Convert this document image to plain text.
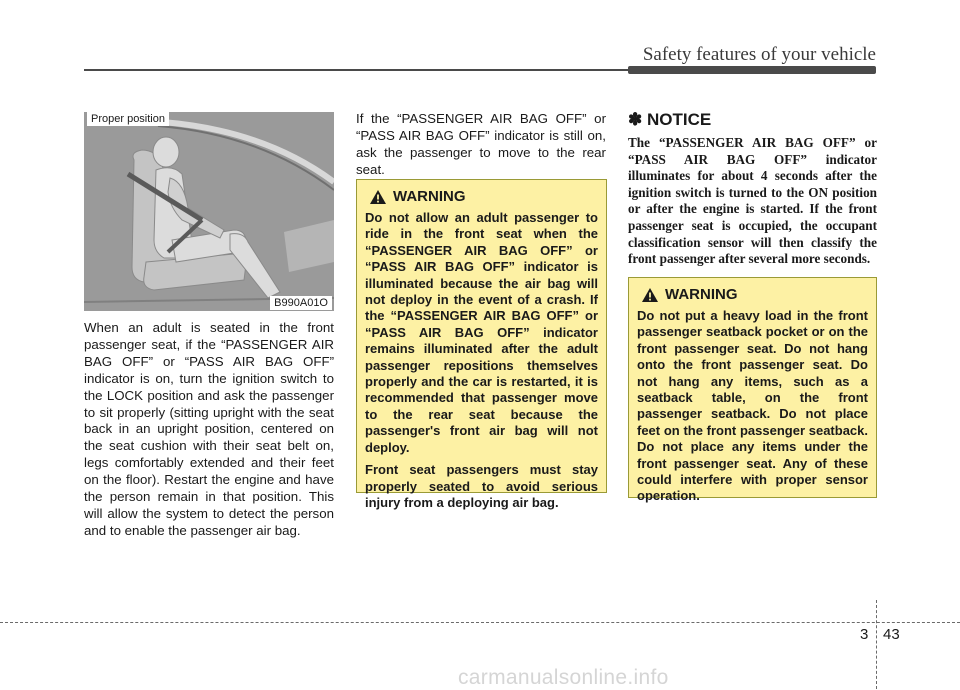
Safety features of your vehicle
Proper position
B990A01O

When an adult is seated in the front passenger seat, if the “PASSENGER AIR BAG OFF” or “PASS AIR BAG OFF” indicator is on, turn the ignition switch to the LOCK position and ask the passenger to sit properly (sitting upright with the seat back in an upright position, centered on the seat cushion with their seat belt on, legs comfortably extended and their feet on the floor). Restart the engine and have the person remain in that position. This will allow the system to detect the person and to enable the passenger air bag.

If the “PASSENGER AIR BAG OFF” or “PASS AIR BAG OFF” indicator is still on, ask the passenger to move to the rear seat.

WARNING

Do not allow an adult passenger to ride in the front seat when the “PASSENGER AIR BAG OFF” or “PASS AIR BAG OFF” indicator is illuminated because the air bag will not deploy in the event of a crash. If the “PASSENGER AIR BAG OFF” or “PASS AIR BAG OFF” indicator remains illuminated after the adult passenger repositions themselves properly and the car is restarted, it is recommended that passenger move to the rear seat because the passenger's front air bag will not deploy.

Front seat passengers must stay properly seated to avoid serious injury from a deploying air bag.

✽ NOTICE

The “PASSENGER AIR BAG OFF” or “PASS AIR BAG OFF” indicator illuminates for about 4 seconds after the ignition switch is turned to the ON position or after the engine is started. If the front passenger seat is occupied, the occupant classification sensor will then classify the front passenger after several more seconds.

WARNING

Do not put a heavy load in the front passenger seatback pocket or on the front passenger seat. Do not hang onto the front passenger seat. Do not hang any items, such as a seatback table, on the front passenger seatback. Do not place feet on the front passenger seatback. Do not place any items under the front passenger seat. Any of these could interfere with proper sensor operation.

3 43
carmanualsonline.info
